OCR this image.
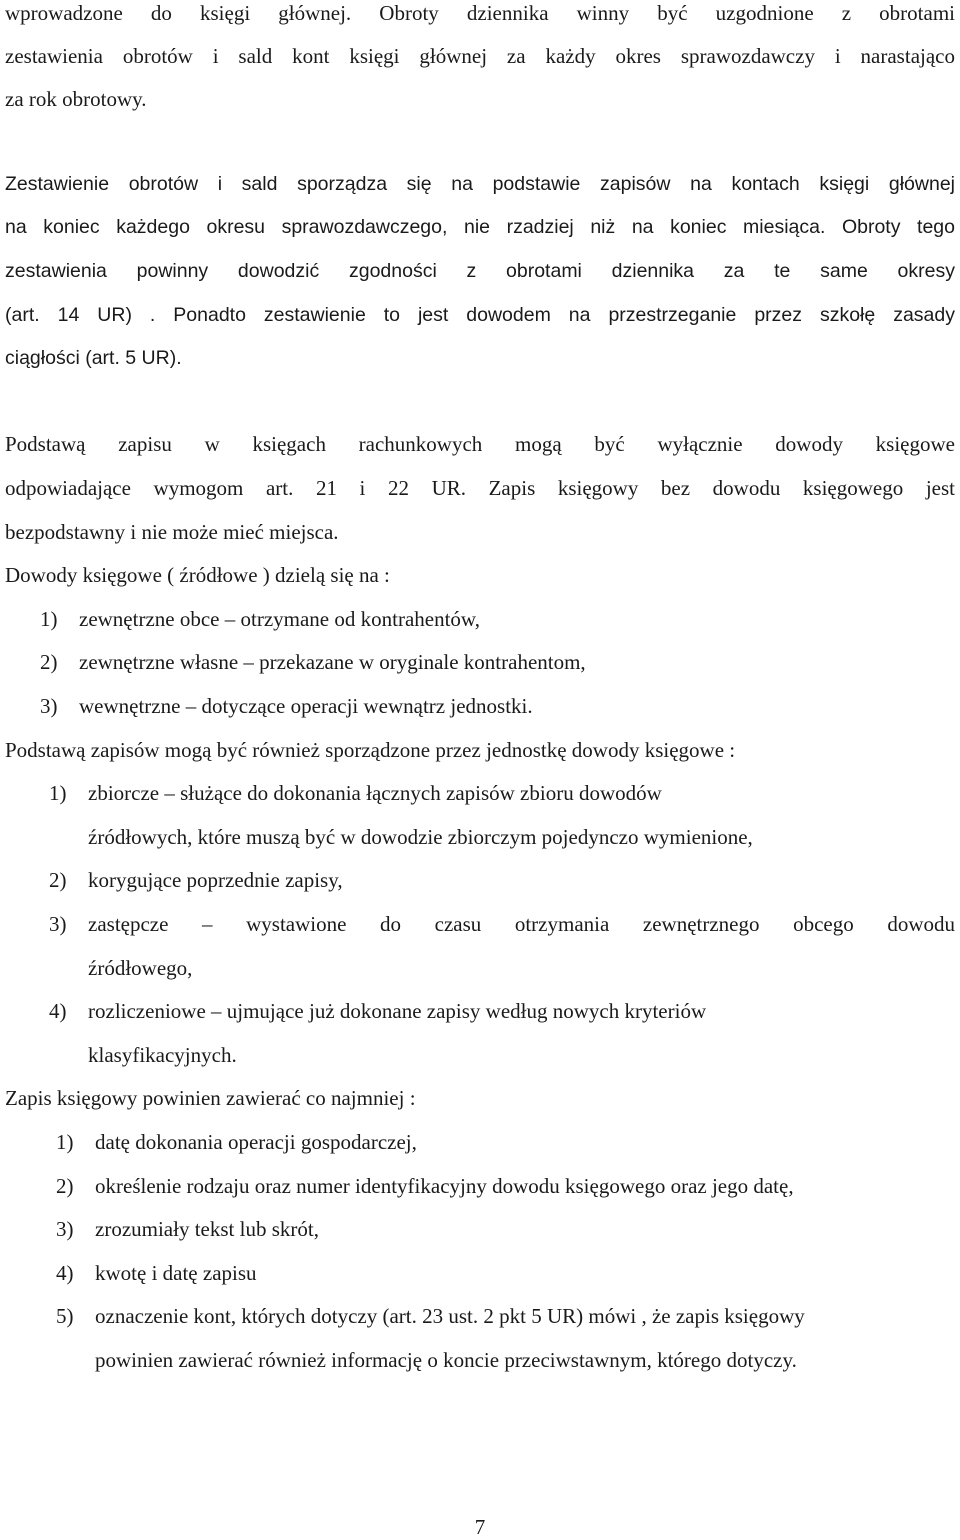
wprowadzone do księgi głównej. Obroty dziennika winny być uzgodnione z obrotami
zestawienia obrotów i sald kont księgi głównej za każdy okres sprawozdawczy i narastająco
za rok obrotowy.
Zestawienie obrotów i sald sporządza się na podstawie zapisów na kontach księgi głównej
na koniec każdego okresu sprawozdawczego, nie rzadziej niż na koniec miesiąca. Obroty tego
zestawienia powinny dowodzić zgodności z obrotami dziennika za te same okresy
(art. 14 UR) . Ponadto zestawienie to jest dowodem na przestrzeganie przez szkołę zasady
ciągłości (art. 5 UR).
Podstawą zapisu w księgach rachunkowych mogą być wyłącznie dowody księgowe
odpowiadające wymogom art. 21 i 22 UR. Zapis księgowy bez dowodu księgowego jest
bezpodstawny i nie może mieć miejsca.
Dowody księgowe ( źródłowe ) dzielą się na :
1) zewnętrzne obce – otrzymane od kontrahentów,
2) zewnętrzne własne – przekazane w oryginale kontrahentom,
3) wewnętrzne – dotyczące operacji wewnątrz jednostki.
Podstawą zapisów mogą być również sporządzone przez jednostkę dowody księgowe :
1) zbiorcze – służące do dokonania łącznych zapisów zbioru dowodów
źródłowych, które muszą być w dowodzie zbiorczym pojedynczo wymienione,
2) korygujące poprzednie zapisy,
3) zastępcze – wystawione do czasu otrzymania zewnętrznego obcego dowodu
źródłowego,
4) rozliczeniowe – ujmujące już dokonane zapisy według nowych kryteriów
klasyfikacyjnych.
Zapis księgowy powinien zawierać co najmniej :
1) datę dokonania operacji gospodarczej,
2) określenie rodzaju oraz numer identyfikacyjny dowodu księgowego oraz jego datę,
3) zrozumiały tekst lub skrót,
4) kwotę i datę zapisu
5) oznaczenie kont, których dotyczy (art. 23 ust. 2 pkt 5 UR) mówi , że zapis księgowy
powinien zawierać również informację o koncie przeciwstawnym, którego dotyczy.
7
